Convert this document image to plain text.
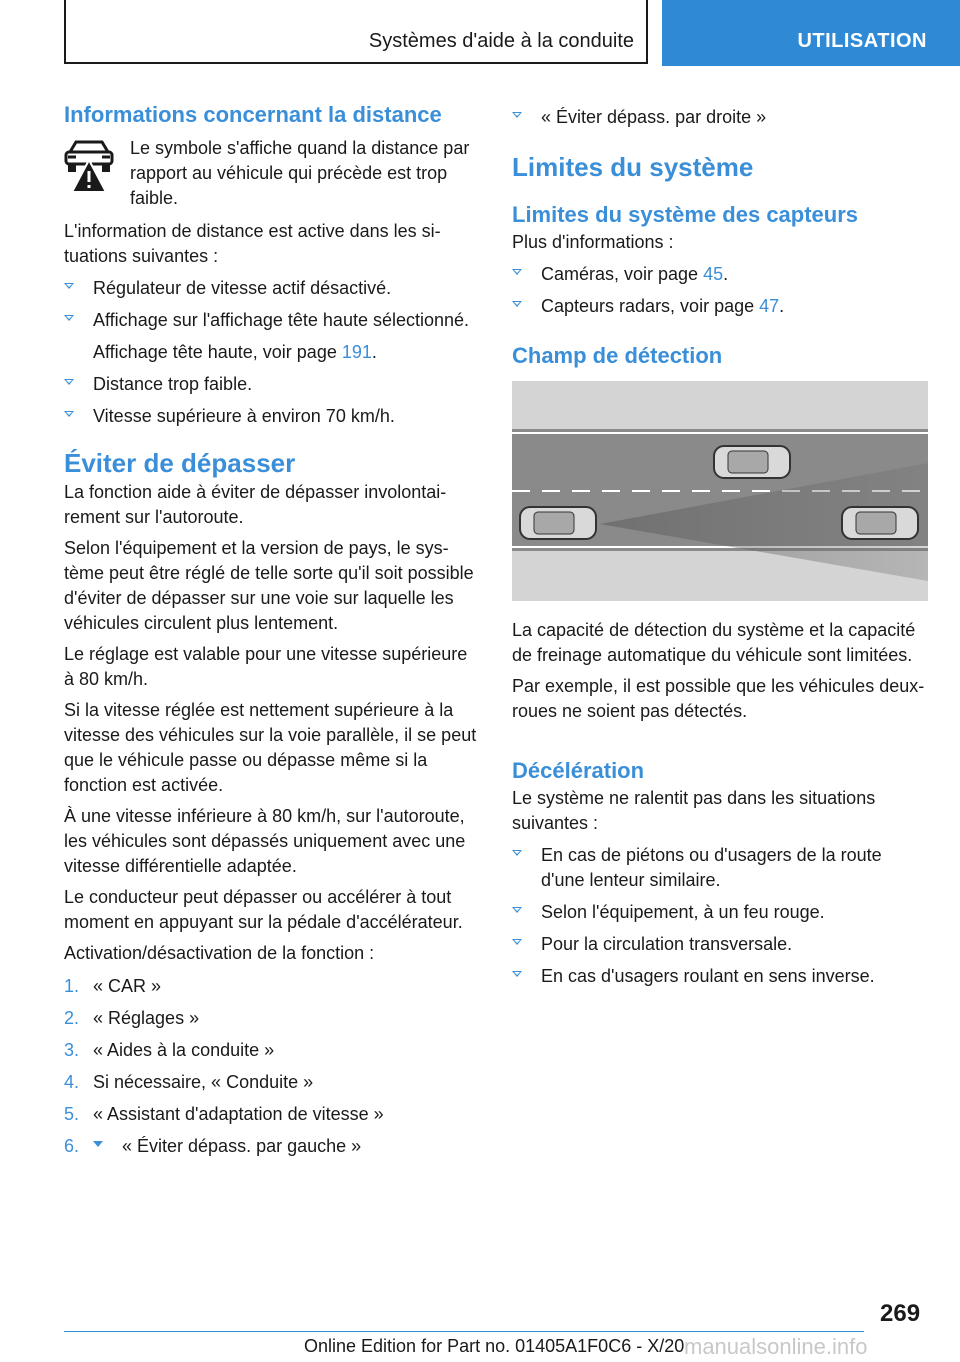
Systèmes d'aide à la conduite	UTILISATION
Informations concernant la distance

Le symbole s'affiche quand la distance par rapport au véhicule qui précède est trop faible.

L'information de distance est active dans les situations suivantes :

Régulateur de vitesse actif désactivé.
Affichage sur l'affichage tête haute sélectionné.
Affichage tête haute, voir page 191.
Distance trop faible.
Vitesse supérieure à environ 70 km/h.
Éviter de dépasser

La fonction aide à éviter de dépasser involontairement sur l'autoroute.

Selon l'équipement et la version de pays, le système peut être réglé de telle sorte qu'il soit possible d'éviter de dépasser sur une voie sur laquelle les véhicules circulent plus lentement.

Le réglage est valable pour une vitesse supérieure à 80 km/h.

Si la vitesse réglée est nettement supérieure à la vitesse des véhicules sur la voie parallèle, il se peut que le véhicule passe ou dépasse même si la fonction est activée.

À une vitesse inférieure à 80 km/h, sur l'autoroute, les véhicules sont dépassés uniquement avec une vitesse différentielle adaptée.

Le conducteur peut dépasser ou accélérer à tout moment en appuyant sur la pédale d'accélérateur.

Activation/désactivation de la fonction :

1. « CAR »
2. « Réglages »
3. « Aides à la conduite »
4. Si nécessaire, « Conduite »
5. « Assistant d'adaptation de vitesse »
6. « Éviter dépass. par gauche »
« Éviter dépass. par droite »
Limites du système
Limites du système des capteurs

Plus d'informations :

Caméras, voir page 45.
Capteurs radars, voir page 47.
Champ de détection

La capacité de détection du système et la capacité de freinage automatique du véhicule sont limitées.

Par exemple, il est possible que les véhicules deux-roues ne soient pas détectés.

Décélération

Le système ne ralentit pas dans les situations suivantes :

En cas de piétons ou d'usagers de la route d'une lenteur similaire.
Selon l'équipement, à un feu rouge.
Pour la circulation transversale.
En cas d'usagers roulant en sens inverse.
269
Online Edition for Part no. 01405A1F0C6 - X/20 manualsonline.info
